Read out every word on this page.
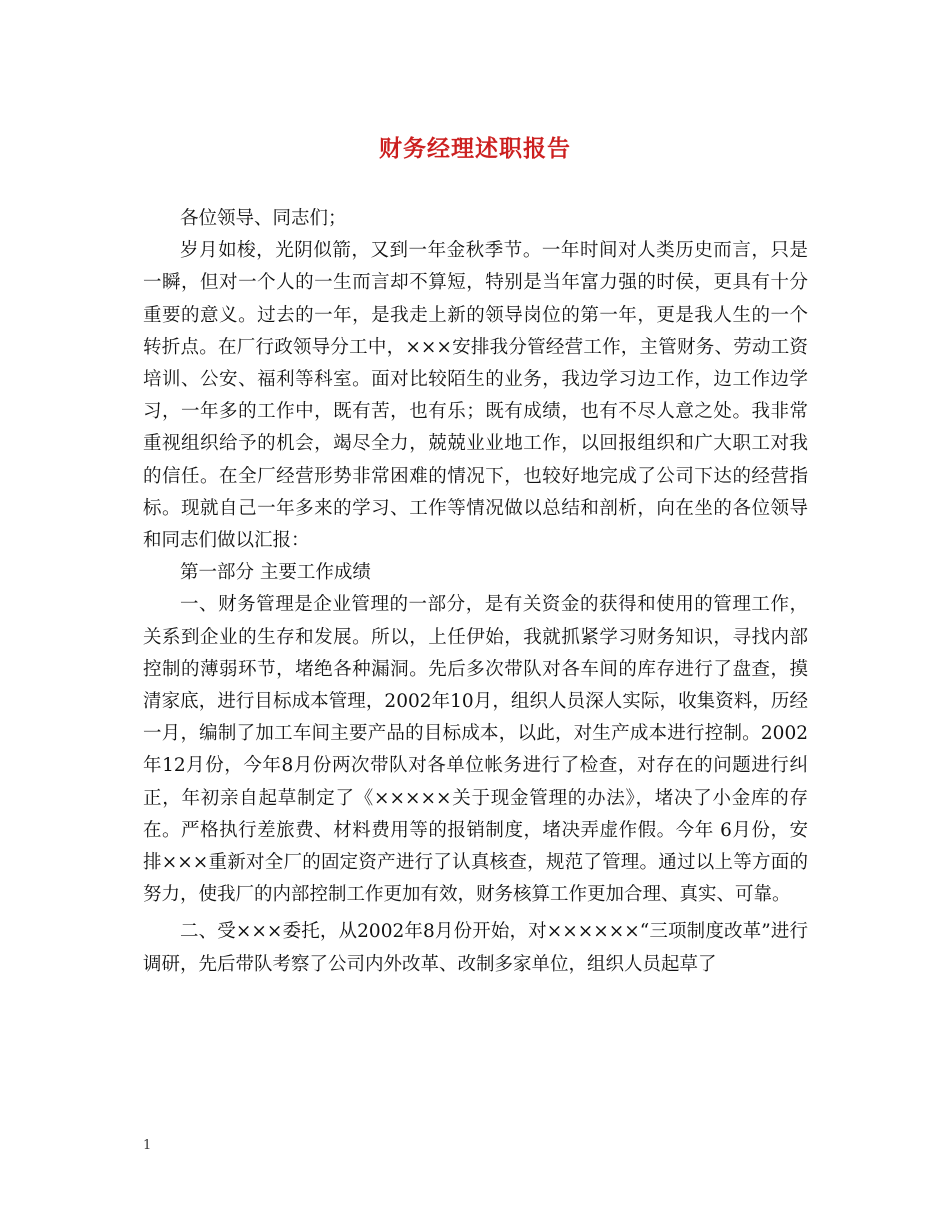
财务经理述职报告

各位领导、同志们；

岁月如梭，光阴似箭，又到一年金秋季节。一年时间对人类历史而言，只是一瞬，但对一个人的一生而言却不算短，特别是当年富力强的时侯，更具有十分重要的意义。过去的一年，是我走上新的领导岗位的第一年，更是我人生的一个转折点。在厂行政领导分工中，×××安排我分管经营工作，主管财务、劳动工资培训、公安、福利等科室。面对比较陌生的业务，我边学习边工作，边工作边学习，一年多的工作中，既有苦，也有乐；既有成绩，也有不尽人意之处。我非常重视组织给予的机会，竭尽全力，兢兢业业地工作，以回报组织和广大职工对我的信任。在全厂经营形势非常困难的情况下，也较好地完成了公司下达的经营指标。现就自己一年多来的学习、工作等情况做以总结和剖析，向在坐的各位领导和同志们做以汇报：

第一部分 主要工作成绩

一、财务管理是企业管理的一部分，是有关资金的获得和使用的管理工作，关系到企业的生存和发展。所以，上任伊始，我就抓紧学习财务知识，寻找内部控制的薄弱环节，堵绝各种漏洞。先后多次带队对各车间的库存进行了盘查，摸清家底，进行目标成本管理，2002年10月，组织人员深人实际，收集资料，历经一月，编制了加工车间主要产品的目标成本，以此，对生产成本进行控制。2002年12月份，今年8月份两次带队对各单位帐务进行了检查，对存在的问题进行纠正，年初亲自起草制定了《×××××关于现金管理的办法》，堵决了小金库的存在。严格执行差旅费、材料费用等的报销制度，堵决弄虚作假。今年 6月份，安排×××重新对全厂的固定资产进行了认真核查，规范了管理。通过以上等方面的努力，使我厂的内部控制工作更加有效，财务核算工作更加合理、真实、可靠。

二、受×××委托，从2002年8月份开始，对××××××“三项制度改革”进行调研，先后带队考察了公司内外改革、改制多家单位，组织人员起草了

1
